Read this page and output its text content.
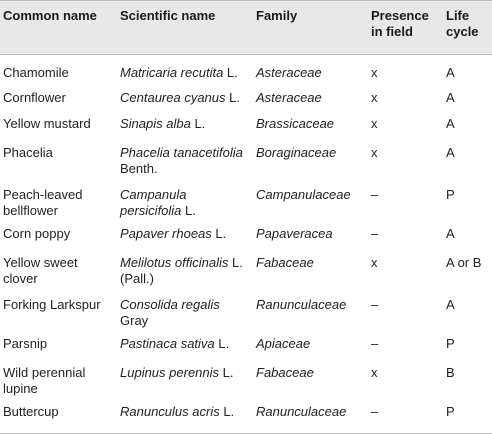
Common name	Scientific name	Family	Presence in field	Life cycle
Chamomile	Matricaria recutita L.	Asteraceae	x	A
Cornflower	Centaurea cyanus L.	Asteraceae	x	A
Yellow mustard	Sinapis alba L.	Brassicaceae	x	A
Phacelia	Phacelia tanacetifolia Benth.	Boraginaceae	x	A
Peach-leaved bellflower	Campanula persicifolia L.	Campanulaceae	–	P
Corn poppy	Papaver rhoeas L.	Papaveracea	–	A
Yellow sweet clover	Melilotus officinalis L. (Pall.)	Fabaceae	x	A or B
Forking Larkspur	Consolida regalis Gray	Ranunculaceae	–	A
Parsnip	Pastinaca sativa L.	Apiaceae	–	P
Wild perennial lupine	Lupinus perennis L.	Fabaceae	x	B
Buttercup	Ranunculus acris L.	Ranunculaceae	–	P
